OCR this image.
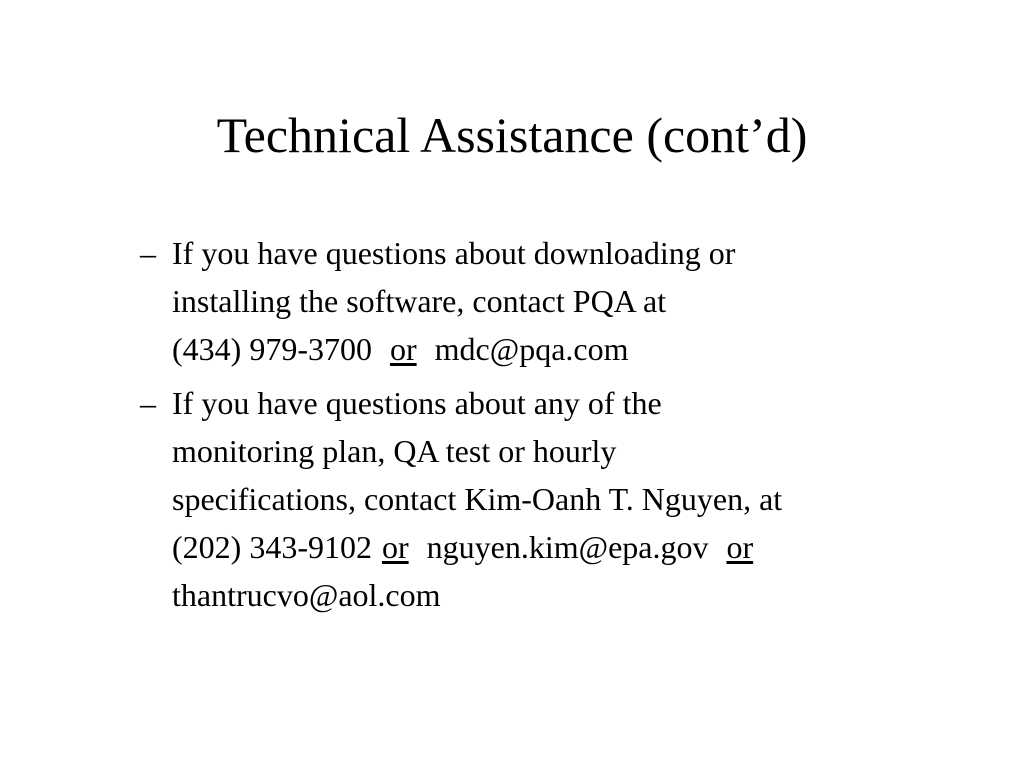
Technical Assistance (cont’d)
– If you have questions about downloading or
installing the software, contact PQA at
(434) 979-3700 or mdc@pqa.com
– If you have questions about any of the
monitoring plan, QA test or hourly
specifications, contact Kim-Oanh T. Nguyen, at
(202) 343-9102 or nguyen.kim@epa.gov or
thantrucvo@aol.com
